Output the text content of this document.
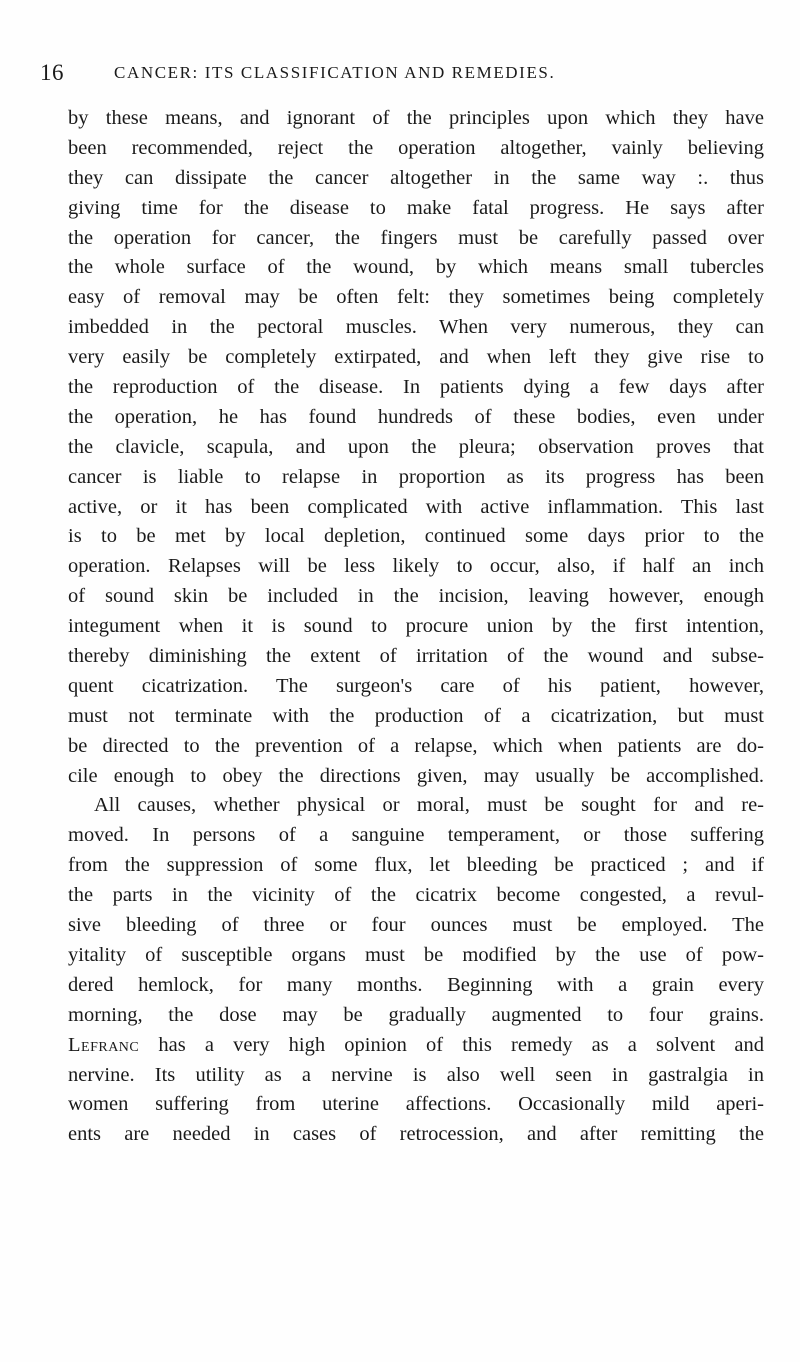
16	CANCER: ITS CLASSIFICATION AND REMEDIES.
by these means, and ignorant of the principles upon which they have
been recommended, reject the operation altogether, vainly believing
they can dissipate the cancer altogether in the same way :. thus
giving time for the disease to make fatal progress. He says after
the operation for cancer, the fingers must be carefully passed over
the whole surface of the wound, by which means small tubercles
easy of removal may be often felt: they sometimes being completely
imbedded in the pectoral muscles. When very numerous, they can
very easily be completely extirpated, and when left they give rise to
the reproduction of the disease. In patients dying a few days after
the operation, he has found hundreds of these bodies, even under
the clavicle, scapula, and upon the pleura; observation proves that
cancer is liable to relapse in proportion as its progress has been
active, or it has been complicated with active inflammation. This last
is to be met by local depletion, continued some days prior to the
operation. Relapses will be less likely to occur, also, if half an inch
of sound skin be included in the incision, leaving however, enough
integument when it is sound to procure union by the first intention,
thereby diminishing the extent of irritation of the wound and subse-
quent cicatrization. The surgeon's care of his patient, however,
must not terminate with the production of a cicatrization, but must
be directed to the prevention of a relapse, which when patients are do-
cile enough to obey the directions given, may usually be accomplished.
All causes, whether physical or moral, must be sought for and re-
moved. In persons of a sanguine temperament, or those suffering
from the suppression of some flux, let bleeding be practiced ; and if
the parts in the vicinity of the cicatrix become congested, a revul-
sive bleeding of three or four ounces must be employed. The
yitality of susceptible organs must be modified by the use of pow-
dered hemlock, for many months. Beginning with a grain every
morning, the dose may be gradually augmented to four grains.
Lefranc has a very high opinion of this remedy as a solvent and
nervine. Its utility as a nervine is also well seen in gastralgia in
women suffering from uterine affections. Occasionally mild aperi-
ents are needed in cases of retrocession, and after remitting the
